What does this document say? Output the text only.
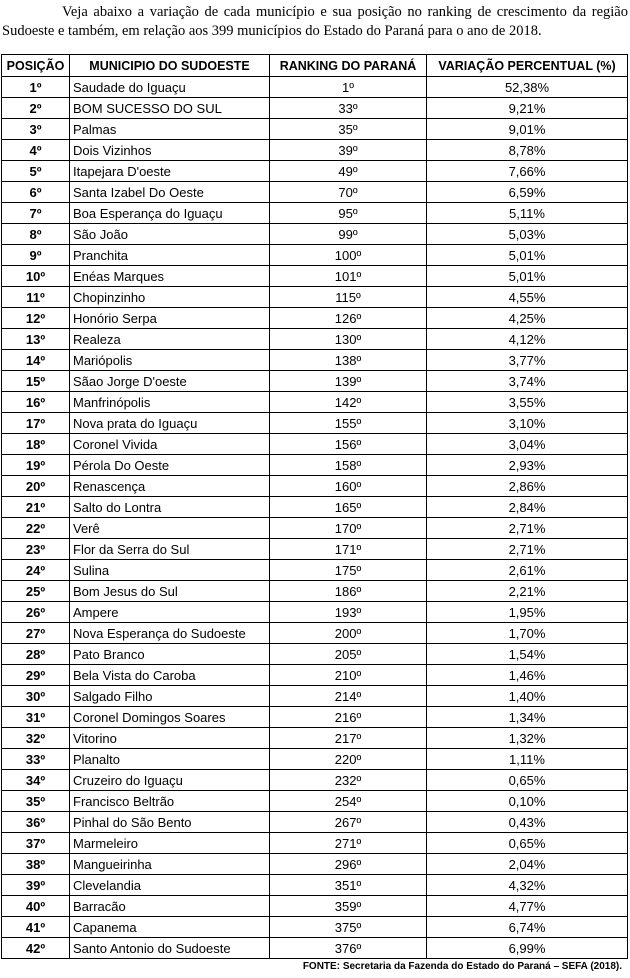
Veja abaixo a variação de cada município e sua posição no ranking de crescimento da região Sudoeste e também, em relação aos 399 municípios do Estado do Paraná para o ano de 2018.

POSIÇÃO	MUNICIPIO DO SUDOESTE	RANKING DO PARANÁ	VARIAÇÃO PERCENTUAL (%)
1º	Saudade do Iguaçu	1º	52,38%
2º	BOM SUCESSO DO SUL	33º	9,21%
3º	Palmas	35º	9,01%
4º	Dois Vizinhos	39º	8,78%
5º	Itapejara D'oeste	49º	7,66%
6º	Santa Izabel Do Oeste	70º	6,59%
7º	Boa Esperança do Iguaçu	95º	5,11%
8º	São João	99º	5,03%
9º	Pranchita	100º	5,01%
10º	Enéas Marques	101º	5,01%
11º	Chopinzinho	115º	4,55%
12º	Honório Serpa	126º	4,25%
13º	Realeza	130º	4,12%
14º	Mariópolis	138º	3,77%
15º	Sãao Jorge D'oeste	139º	3,74%
16º	Manfrinópolis	142º	3,55%
17º	Nova prata do Iguaçu	155º	3,10%
18º	Coronel Vivida	156º	3,04%
19º	Pérola Do Oeste	158º	2,93%
20º	Renascença	160º	2,86%
21º	Salto do Lontra	165º	2,84%
22º	Verê	170º	2,71%
23º	Flor da Serra do Sul	171º	2,71%
24º	Sulina	175º	2,61%
25º	Bom Jesus do Sul	186º	2,21%
26º	Ampere	193º	1,95%
27º	Nova Esperança do Sudoeste	200º	1,70%
28º	Pato Branco	205º	1,54%
29º	Bela Vista do Caroba	210º	1,46%
30º	Salgado Filho	214º	1,40%
31º	Coronel Domingos Soares	216º	1,34%
32º	Vitorino	217º	1,32%
33º	Planalto	220º	1,11%
34º	Cruzeiro do Iguaçu	232º	0,65%
35º	Francisco Beltrão	254º	0,10%
36º	Pinhal do São Bento	267º	0,43%
37º	Marmeleiro	271º	0,65%
38º	Mangueirinha	296º	2,04%
39º	Clevelandia	351º	4,32%
40º	Barracão	359º	4,77%
41º	Capanema	375º	6,74%
42º	Santo Antonio do Sudoeste	376º	6,99%
FONTE: Secretaria da Fazenda do Estado do Paraná – SEFA (2018).
